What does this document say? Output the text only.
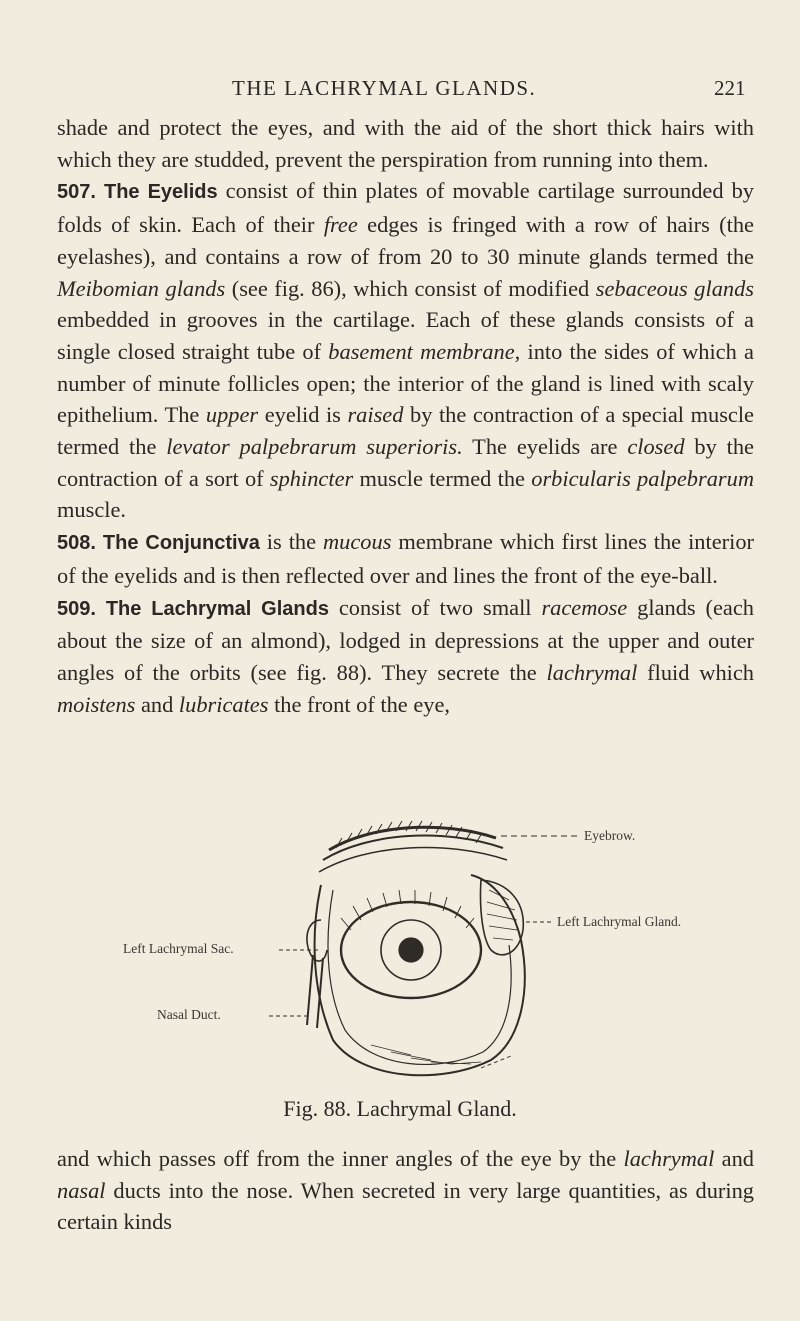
THE LACHRYMAL GLANDS.	221

shade and protect the eyes, and with the aid of the short thick hairs with which they are studded, prevent the perspiration from running into them.

507. The Eyelids consist of thin plates of movable cartilage surrounded by folds of skin. Each of their free edges is fringed with a row of hairs (the eyelashes), and contains a row of from 20 to 30 minute glands termed the Meibomian glands (see fig. 86), which consist of modified sebaceous glands embedded in grooves in the cartilage. Each of these glands consists of a single closed straight tube of basement membrane, into the sides of which a number of minute follicles open; the interior of the gland is lined with scaly epithelium. The upper eyelid is raised by the contraction of a special muscle termed the levator palpebrarum superioris. The eyelids are closed by the contraction of a sort of sphincter muscle termed the orbicularis palpebrarum muscle.

508. The Conjunctiva is the mucous membrane which first lines the interior of the eyelids and is then reflected over and lines the front of the eye-ball.

509. The Lachrymal Glands consist of two small racemose glands (each about the size of an almond), lodged in depressions at the upper and outer angles of the orbits (see fig. 88). They secrete the lachrymal fluid which moistens and lubricates the front of the eye,

Eyebrow.
Left Lachrymal Gland.
Left Lachrymal Sac.
Nasal Duct.
Fig. 88. Lachrymal Gland.
and which passes off from the inner angles of the eye by the lachrymal and nasal ducts into the nose. When secreted in very large quantities, as during certain kinds
